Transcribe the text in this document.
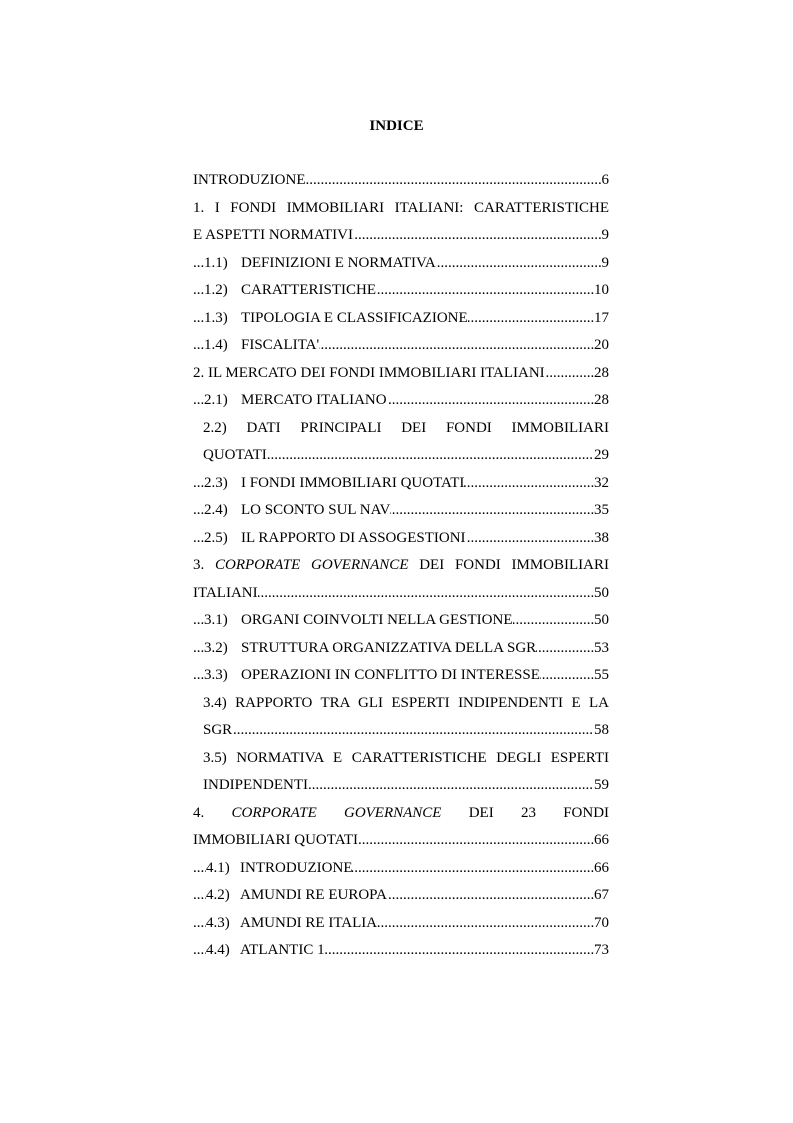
INDICE
INTRODUZIONE	6
.....
1. I FONDI IMMOBILIARI ITALIANI: CARATTERISTICHE
E ASPETTI NORMATIVI	9
.....
1.1) DEFINIZIONI E NORMATIVA	9
.....
1.2) CARATTERISTICHE	10
.....
1.3) TIPOLOGIA E CLASSIFICAZIONE	17
.....
1.4) FISCALITA'	20
.....
2. IL MERCATO DEI FONDI IMMOBILIARI ITALIANI	28
.....
2.1) MERCATO ITALIANO	28
.....
2.2) DATI PRINCIPALI DEI FONDI IMMOBILIARI
QUOTATI	29
.....
2.3) I FONDI IMMOBILIARI QUOTATI	32
.....
2.4) LO SCONTO SUL NAV	35
.....
2.5) IL RAPPORTO DI ASSOGESTIONI	38
.....
3. CORPORATE GOVERNANCE DEI FONDI IMMOBILIARI
ITALIANI	50
.....
3.1) ORGANI COINVOLTI NELLA GESTIONE	50
.....
3.2) STRUTTURA ORGANIZZATIVA DELLA SGR	53
.....
3.3) OPERAZIONI IN CONFLITTO DI INTERESSE	55
.....
3.4) RAPPORTO TRA GLI ESPERTI INDIPENDENTI E LA
SGR	58
.....
3.5) NORMATIVA E CARATTERISTICHE DEGLI ESPERTI
INDIPENDENTI	59
.....
4. CORPORATE GOVERNANCE DEI 23 FONDI
IMMOBILIARI QUOTATI	66
.....
4.1) INTRODUZIONE	66
.....
4.2) AMUNDI RE EUROPA	67
.....
4.3) AMUNDI RE ITALIA	70
.....
4.4) ATLANTIC 1	73
.....
